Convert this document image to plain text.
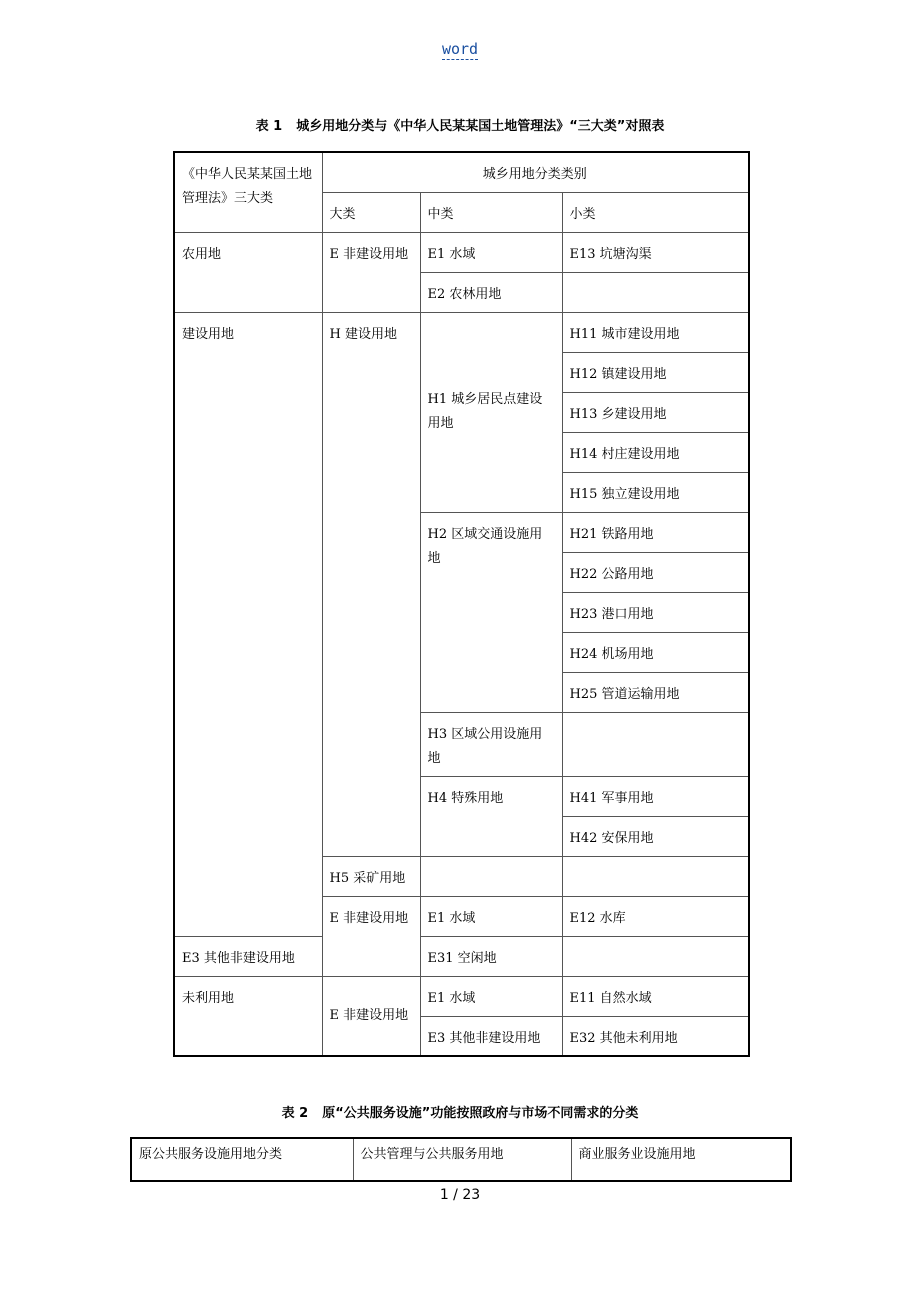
word
表 1 城乡用地分类与《中华人民某某国土地管理法》“三大类”对照表
《中华人民某某国土地管理法》三大类	城乡用地分类类别		
	大类	中类	小类
农用地	E 非建设用地	E1 水域	E13 坑塘沟渠
		E2 农林用地	
建设用地	H 建设用地	H1 城乡居民点建设用地	H11 城市建设用地
			H12 镇建设用地
			H13 乡建设用地
			H14 村庄建设用地
			H15 独立建设用地
		H2 区域交通设施用地	H21 铁路用地
			H22 公路用地
			H23 港口用地
			H24 机场用地
			H25 管道运输用地
		H3 区域公用设施用地	
		H4 特殊用地	H41 军事用地
			H42 安保用地
	H5 采矿用地		
	E 非建设用地	E1 水域	E12 水库
E3 其他非建设用地		E31 空闲地	
未利用地	E 非建设用地	E1 水域	E11 自然水域
		E3 其他非建设用地	E32 其他未利用地
表 2 原“公共服务设施”功能按照政府与市场不同需求的分类
原公共服务设施用地分类	公共管理与公共服务用地	商业服务业设施用地
1 / 23
